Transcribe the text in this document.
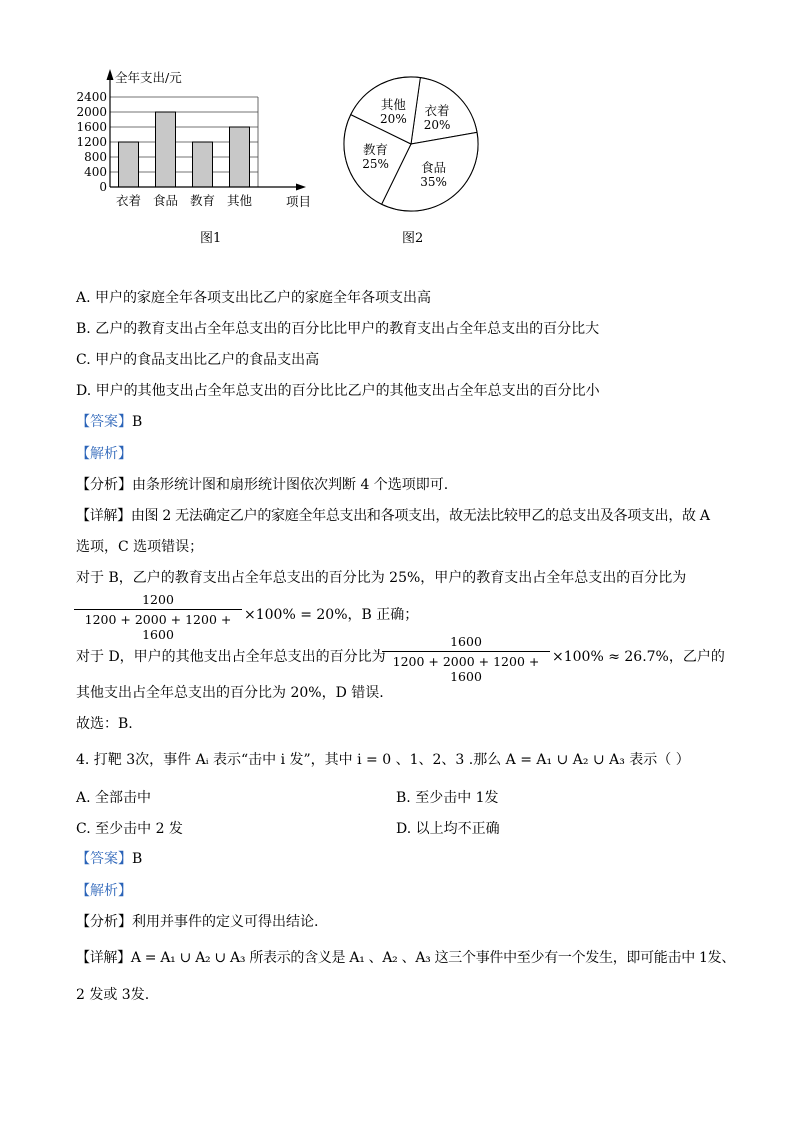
0
400
800
1200
1600
2000
2400
衣着 食品 教育 其他
全年支出/元
项目
图1
衣着
20%
食品
35%
教育
25%
其他
20%
图2
A. 甲户的家庭全年各项支出比乙户的家庭全年各项支出高
B. 乙户的教育支出占全年总支出的百分比比甲户的教育支出占全年总支出的百分比大
C. 甲户的食品支出比乙户的食品支出高
D. 甲户的其他支出占全年总支出的百分比比乙户的其他支出占全年总支出的百分比小
【答案】B
【解析】
【分析】由条形统计图和扇形统计图依次判断 4 个选项即可.
【详解】由图 2 无法确定乙户的家庭全年总支出和各项支出，故无法比较甲乙的总支出及各项支出，故 A
选项，C 选项错误；
对于 B，乙户的教育支出占全年总支出的百分比为 25%，甲户的教育支出占全年总支出的百分比为
1200
1200 + 2000 + 1200 + 1600
×100% = 20%，B 正确；
对于 D，甲户的其他支出占全年总支出的百分比为
1600
1200 + 2000 + 1200 + 1600
×100% ≈ 26.7%，乙户的
其他支出占全年总支出的百分比为 20%，D 错误.
故选：B.
4. 打靶 3次，事件 Aᵢ 表示“击中 i 发”，其中 i = 0 、1、2、3 .那么 A = A₁ ∪ A₂ ∪ A₃ 表示（ ）
A. 全部击中	B. 至少击中 1发
C. 至少击中 2 发	D. 以上均不正确
【答案】B
【解析】
【分析】利用并事件的定义可得出结论.
【详解】A = A₁ ∪ A₂ ∪ A₃ 所表示的含义是 A₁ 、A₂ 、A₃ 这三个事件中至少有一个发生，即可能击中 1发、
2 发或 3发.
